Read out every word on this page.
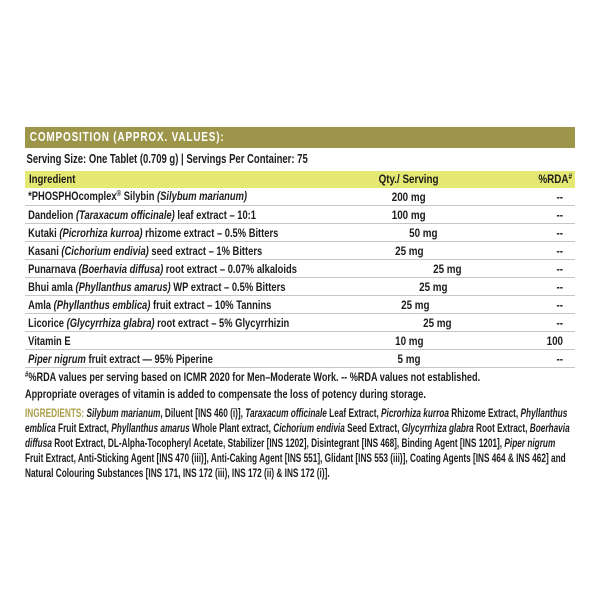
COMPOSITION (APPROX. VALUES):
Serving Size: One Tablet (0.709 g) | Servings Per Container: 75
Ingredient	Qty./ Serving	%RDA#
*PHOSPHOcomplex® Silybin (Silybum marianum)	200 mg	--
Dandelion (Taraxacum officinale) leaf extract – 10:1	100 mg	--
Kutaki (Picrorhiza kurroa) rhizome extract – 0.5% Bitters	50 mg	--
Kasani (Cichorium endivia) seed extract – 1% Bitters	25 mg	--
Punarnava (Boerhavia diffusa) root extract – 0.07% alkaloids	25 mg	--
Bhui amla (Phyllanthus amarus) WP extract – 0.5% Bitters	25 mg	--
Amla (Phyllanthus emblica) fruit extract – 10% Tannins	25 mg	--
Licorice (Glycyrrhiza glabra) root extract – 5% Glycyrrhizin	25 mg	--
Vitamin E	10 mg	100
Piper nigrum fruit extract — 95% Piperine	5 mg	--
#%RDA values per serving based on ICMR 2020 for Men–Moderate Work. -- %RDA values not established.
Appropriate overages of vitamin is added to compensate the loss of potency during storage.
INGREDIENTS: Silybum marianum, Diluent [INS 460 (i)], Taraxacum officinale Leaf Extract, Picrorhiza kurroa Rhizome Extract, Phyllanthus emblica Fruit Extract, Phyllanthus amarus Whole Plant extract, Cichorium endivia Seed Extract, Glycyrrhiza glabra Root Extract, Boerhavia diffusa Root Extract, DL-Alpha-Tocopheryl Acetate, Stabilizer [INS 1202], Disintegrant [INS 468], Binding Agent [INS 1201], Piper nigrum Fruit Extract, Anti-Sticking Agent [INS 470 (iii)], Anti-Caking Agent [INS 551], Glidant [INS 553 (iii)], Coating Agents [INS 464 & INS 462] and Natural Colouring Substances [INS 171, INS 172 (iii), INS 172 (ii) & INS 172 (i)].
